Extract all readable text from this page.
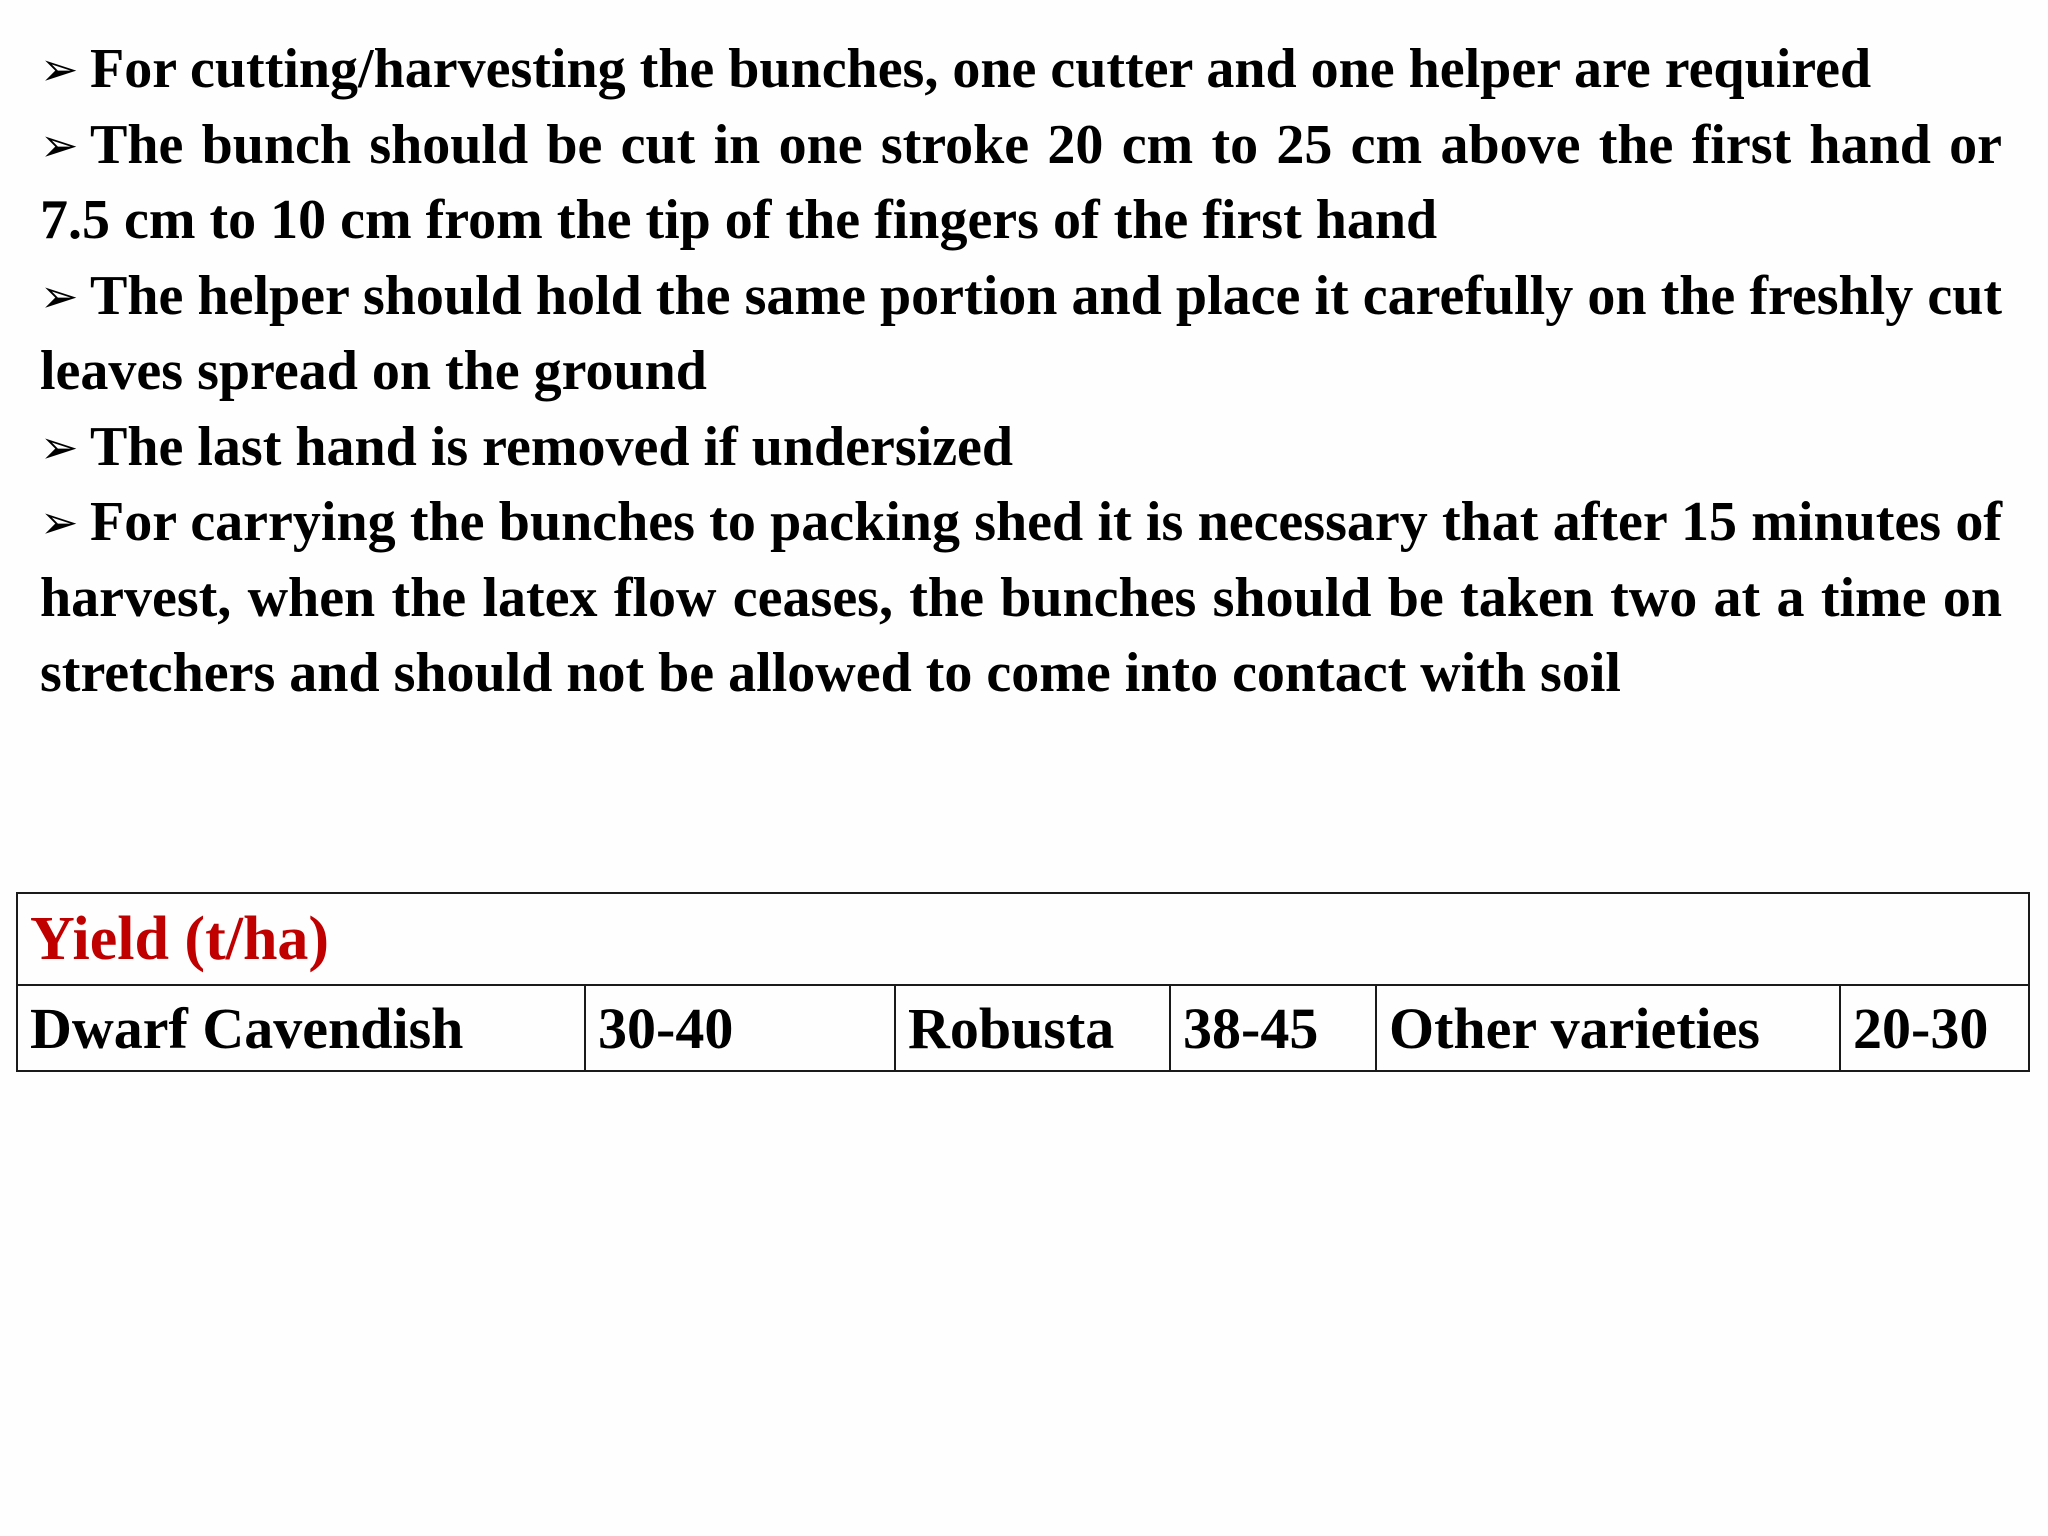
➢ For cutting/harvesting the bunches, one cutter and one helper are required
➢ The bunch should be cut in one stroke 20 cm to 25 cm above the first hand or 7.5 cm to 10 cm from the tip of the fingers of the first hand
➢ The helper should hold the same portion and place it carefully on the freshly cut leaves spread on the ground
➢ The last hand is removed if undersized
➢ For carrying the bunches to packing shed it is necessary that after 15 minutes of harvest, when the latex flow ceases, the bunches should be taken two at a time on stretchers and should not be allowed to come into contact with soil
Yield (t/ha)
Dwarf Cavendish	30-40	Robusta	38-45	Other varieties	20-30
